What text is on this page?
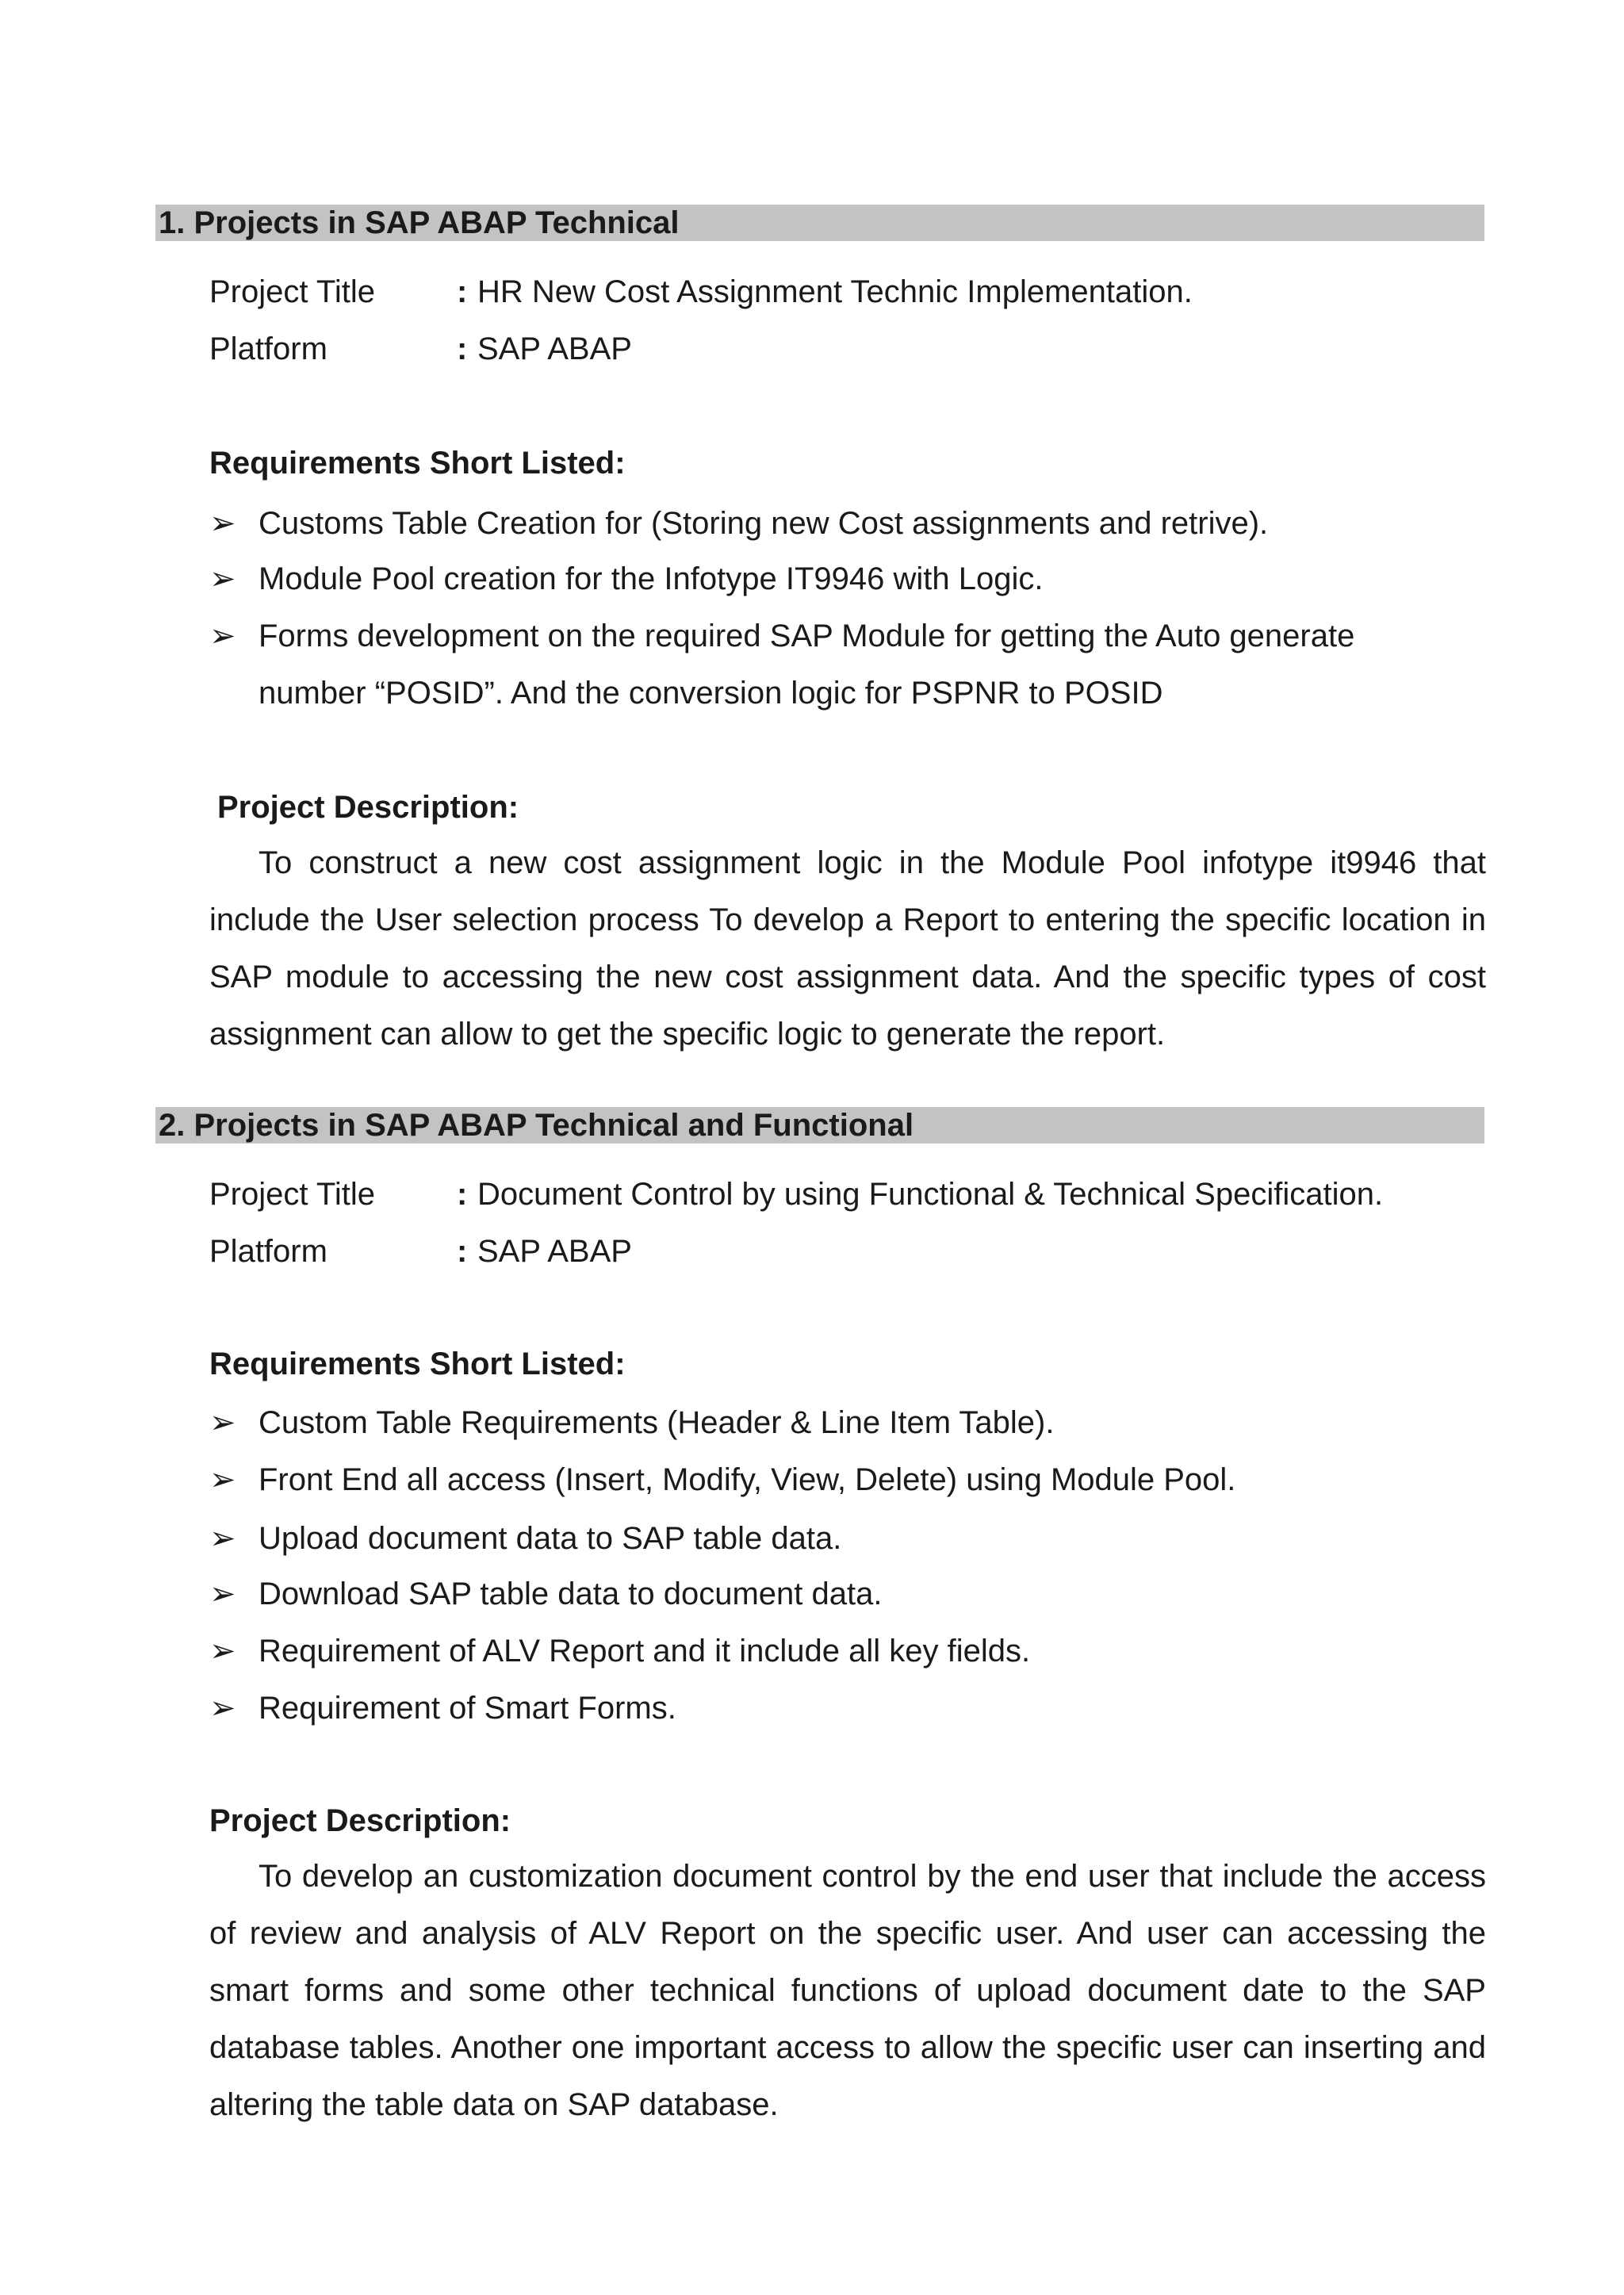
1. Projects in SAP ABAP Technical
Project Title	: HR New Cost Assignment Technic Implementation.
Platform	: SAP ABAP
Requirements Short Listed:
➢ Customs Table Creation for (Storing new Cost assignments and retrive).
➢ Module Pool creation for the Infotype IT9946 with Logic.
➢ Forms development on the required SAP Module for getting the Auto generate
number “POSID”. And the conversion logic for PSPNR to POSID
Project Description:

To construct a new cost assignment logic in the Module Pool infotype it9946 that include the User selection process To develop a Report to entering the specific location in SAP module to accessing the new cost assignment data. And the specific types of cost assignment can allow to get the specific logic to generate the report.

2. Projects in SAP ABAP Technical and Functional
Project Title	: Document Control by using Functional & Technical Specification.
Platform	: SAP ABAP
Requirements Short Listed:
➢ Custom Table Requirements (Header & Line Item Table).
➢ Front End all access (Insert, Modify, View, Delete) using Module Pool.
➢ Upload document data to SAP table data.
➢ Download SAP table data to document data.
➢ Requirement of ALV Report and it include all key fields.
➢ Requirement of Smart Forms.
Project Description:

To develop an customization document control by the end user that include the access of review and analysis of ALV Report on the specific user. And user can accessing the smart forms and some other technical functions of upload document date to the SAP database tables. Another one important access to allow the specific user can inserting and altering the table data on SAP database.
